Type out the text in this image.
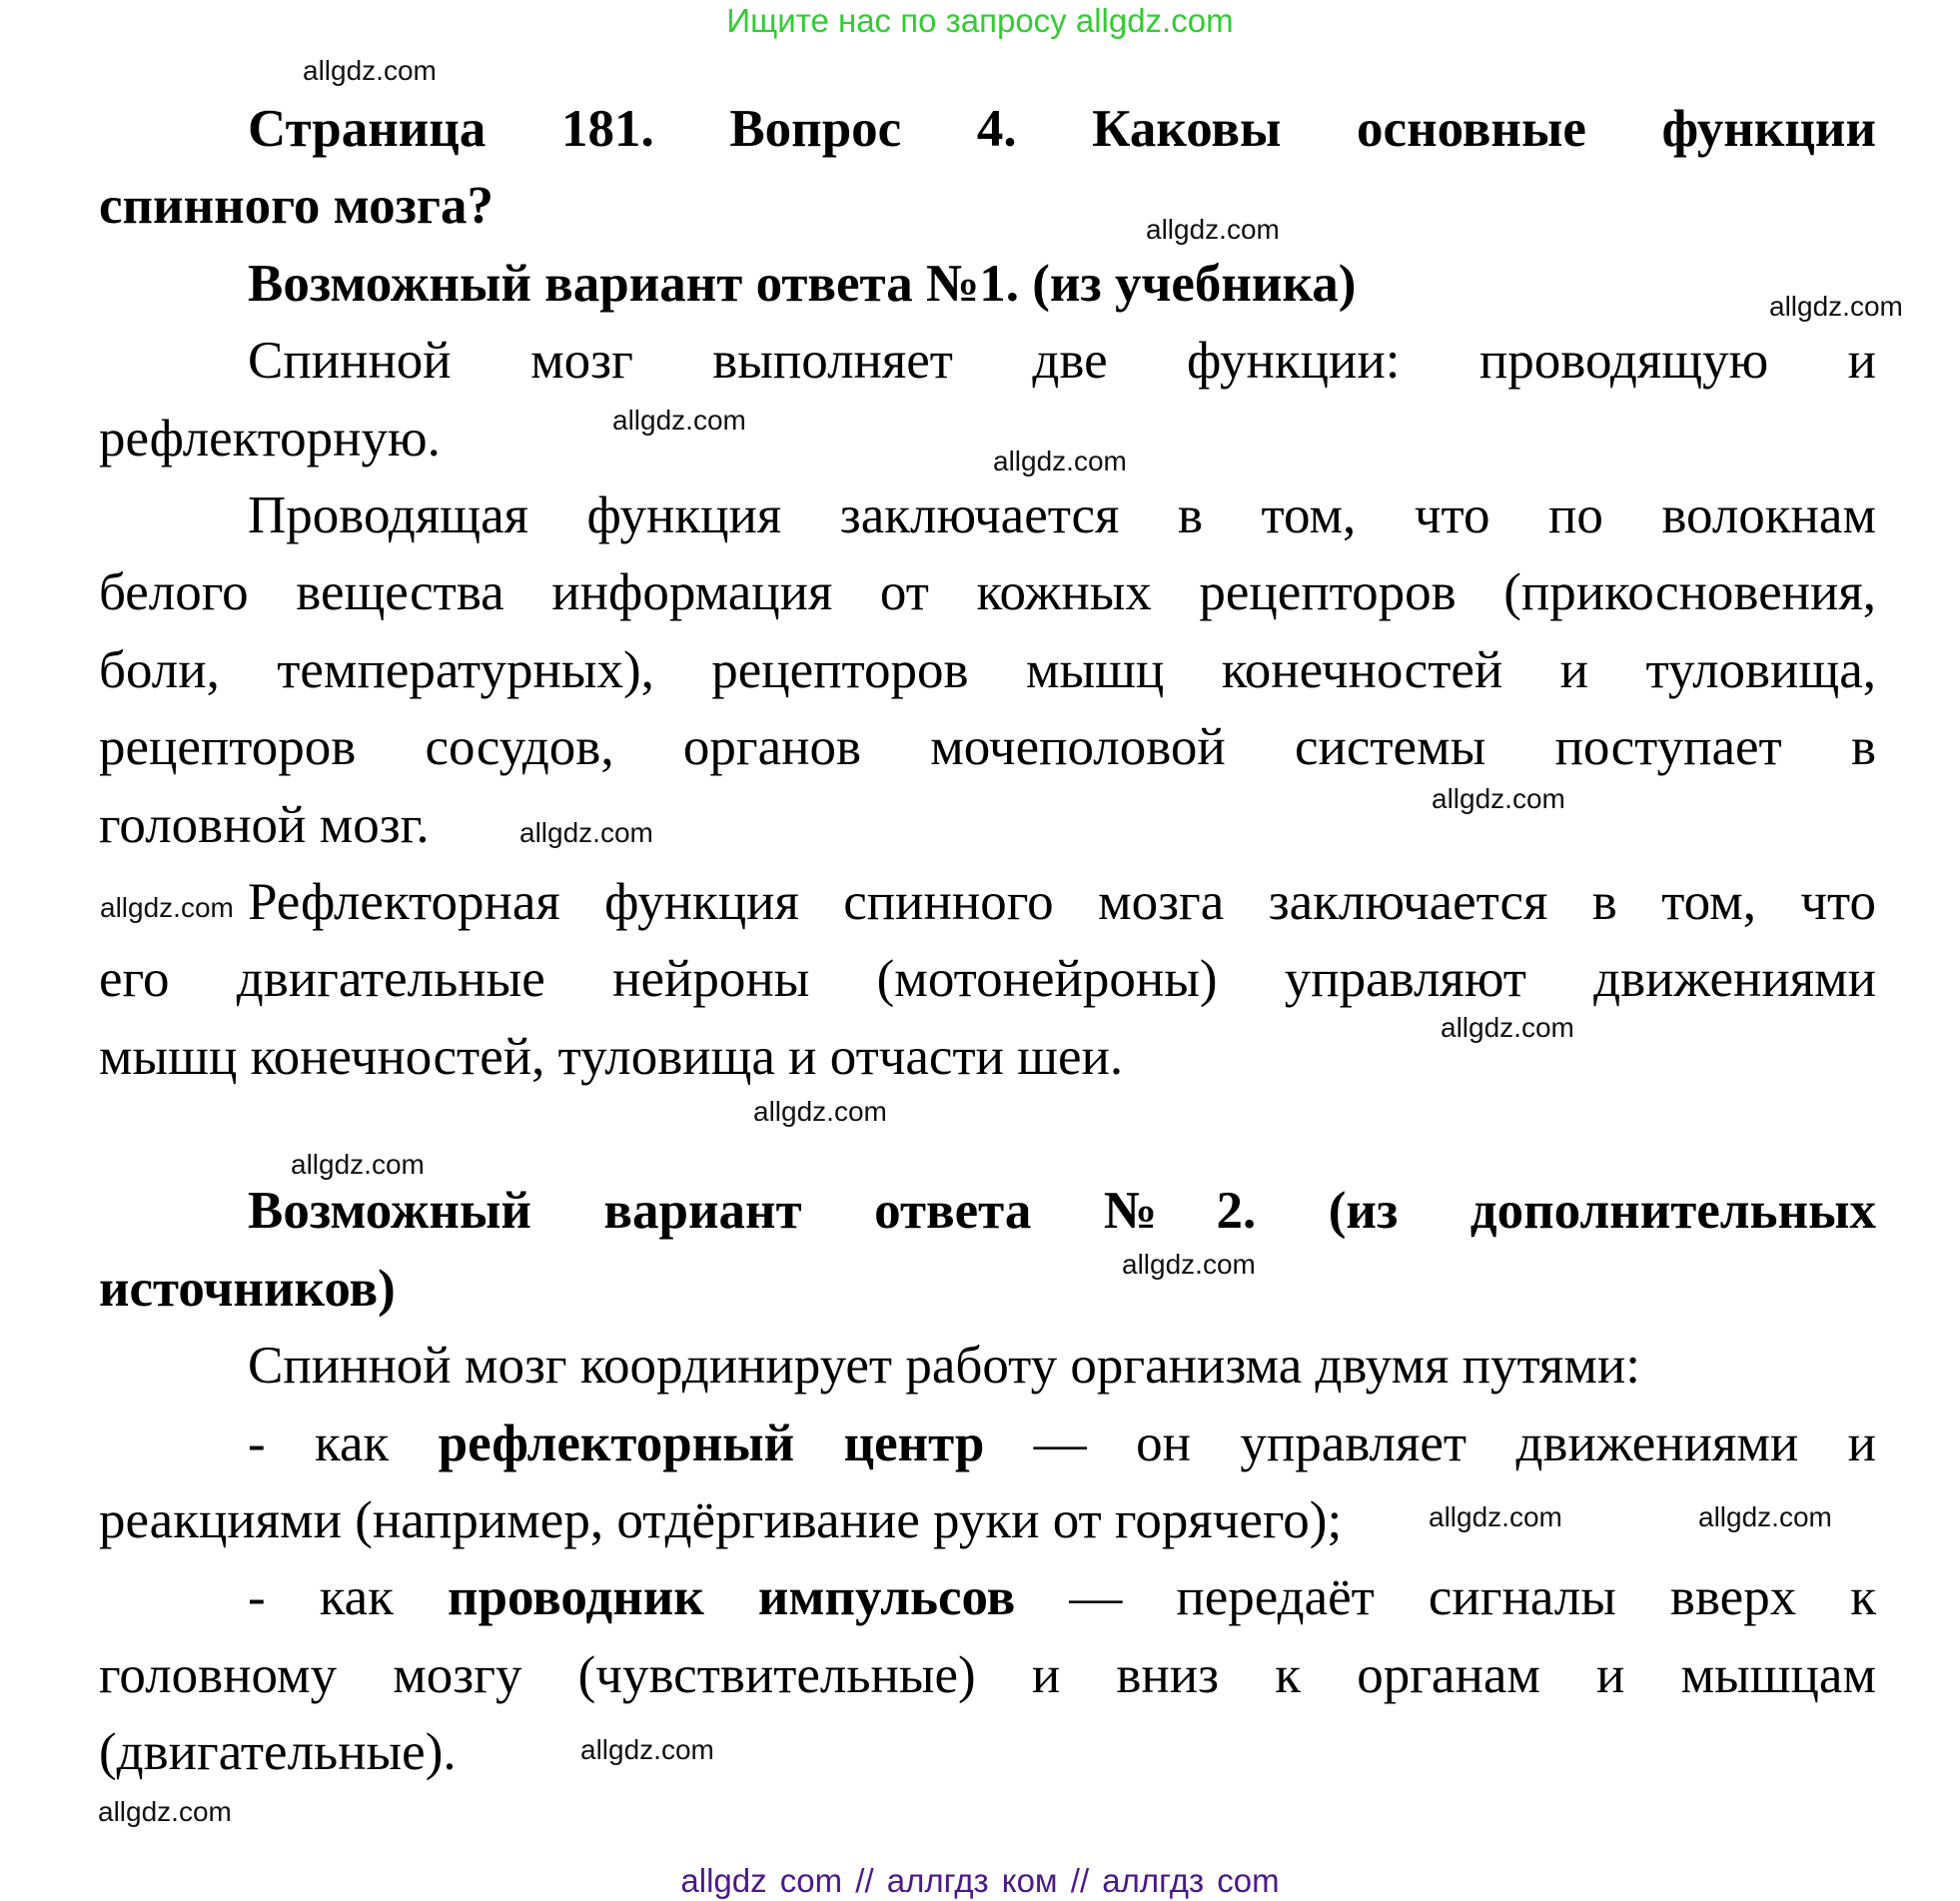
Ищите нас по запросу allgdz.com
Страница 181. Вопрос 4. Каковы основные функции
спинного мозга?
Возможный вариант ответа №1. (из учебника)
Спинной мозг выполняет две функции: проводящую и
рефлекторную.
Проводящая функция заключается в том, что по волокнам
белого вещества информация от кожных рецепторов (прикосновения,
боли, температурных), рецепторов мышц конечностей и туловища,
рецепторов сосудов, органов мочеполовой системы поступает в
головной мозг.
Рефлекторная функция спинного мозга заключается в том, что
его двигательные нейроны (мотонейроны) управляют движениями
мышц конечностей, туловища и отчасти шеи.
Возможный вариант ответа №2. (из дополнительных
источников)
Спинной мозг координирует работу организма двумя путями:
- как рефлекторный центр — он управляет движениями и
реакциями (например, отдёргивание руки от горячего);
- как проводник импульсов — передаёт сигналы вверх к
головному мозгу (чувствительные) и вниз к органам и мышцам
(двигательные).
allgdz.com
allgdz.com
allgdz.com
allgdz.com
allgdz.com
allgdz.com
allgdz.com
allgdz.com
allgdz.com
allgdz.com
allgdz.com
allgdz.com
allgdz.com	allgdz.com
allgdz.com
allgdz.com
allgdz com // аллгдз ком // аллгдз com
